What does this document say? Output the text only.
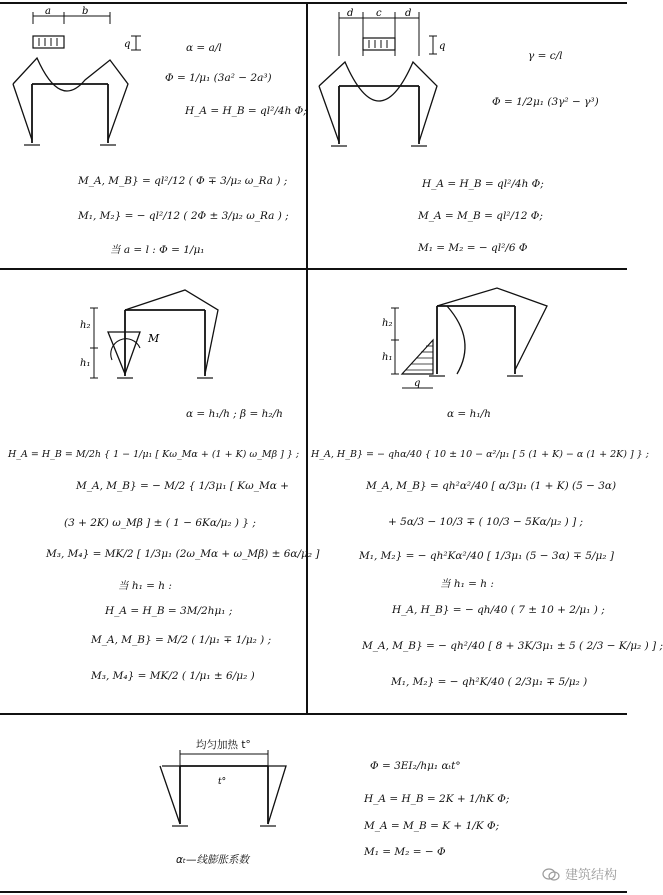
a	b
q	α = a/l
Φ = 1/μ₁ (3a² − 2a³)
H_A = H_B = ql²/4h Φ;
M_A, M_B} = ql²/12 ( Φ ∓ 3/μ₂ ω_Ra ) ;
M₁, M₂} = − ql²/12 ( 2Φ ± 3/μ₂ ω_Ra ) ;
当 a = l : Φ = 1/μ₁
d c d
q
γ = c/l
Φ = 1/2μ₁ (3γ² − γ³)
H_A = H_B = ql²/4h Φ;
M_A = M_B = ql²/12 Φ;
M₁ = M₂ = − ql²/6 Φ
h₂
h₁
M
α = h₁/h ; β = h₂/h
H_A = H_B = M/2h { 1 − 1/μ₁ [ Kω_Mα + (1 + K) ω_Mβ ] } ;
M_A, M_B} = − M/2 { 1/3μ₁ [ Kω_Mα +
(3 + 2K) ω_Mβ ] ± ( 1 − 6Kα/μ₂ ) } ;
M₃, M₄} = MK/2 [ 1/3μ₁ (2ω_Mα + ω_Mβ) ± 6α/μ₂ ]
当 h₁ = h :
H_A = H_B = 3M/2hμ₁ ;
M_A, M_B} = M/2 ( 1/μ₁ ∓ 1/μ₂ ) ;
M₃, M₄} = MK/2 ( 1/μ₁ ± 6/μ₂ )
h₂
h₁
q
α = h₁/h
H_A, H_B} = − qhα/40 { 10 ± 10 − α²/μ₁ [ 5 (1 + K) − α (1 + 2K) ] } ;
M_A, M_B} = qh²α²/40 [ α/3μ₁ (1 + K) (5 − 3α)
+ 5α/3 − 10/3 ∓ ( 10/3 − 5Kα/μ₂ ) ] ;
M₁, M₂} = − qh²Kα²/40 [ 1/3μ₁ (5 − 3α) ∓ 5/μ₂ ]
当 h₁ = h :
H_A, H_B} = − qh/40 ( 7 ± 10 + 2/μ₁ ) ;
M_A, M_B} = − qh²/40 [ 8 + 3K/3μ₁ ± 5 ( 2/3 − K/μ₂ ) ] ;
M₁, M₂} = − qh²K/40 ( 2/3μ₁ ∓ 5/μ₂ )
t°
均匀加热 t°
αₜ—线膨胀系数
Φ = 3EI₂/hμ₁ αₜt°
H_A = H_B = 2K + 1/hK Φ;
M_A = M_B = K + 1/K Φ;
M₁ = M₂ = − Φ
建筑结构
